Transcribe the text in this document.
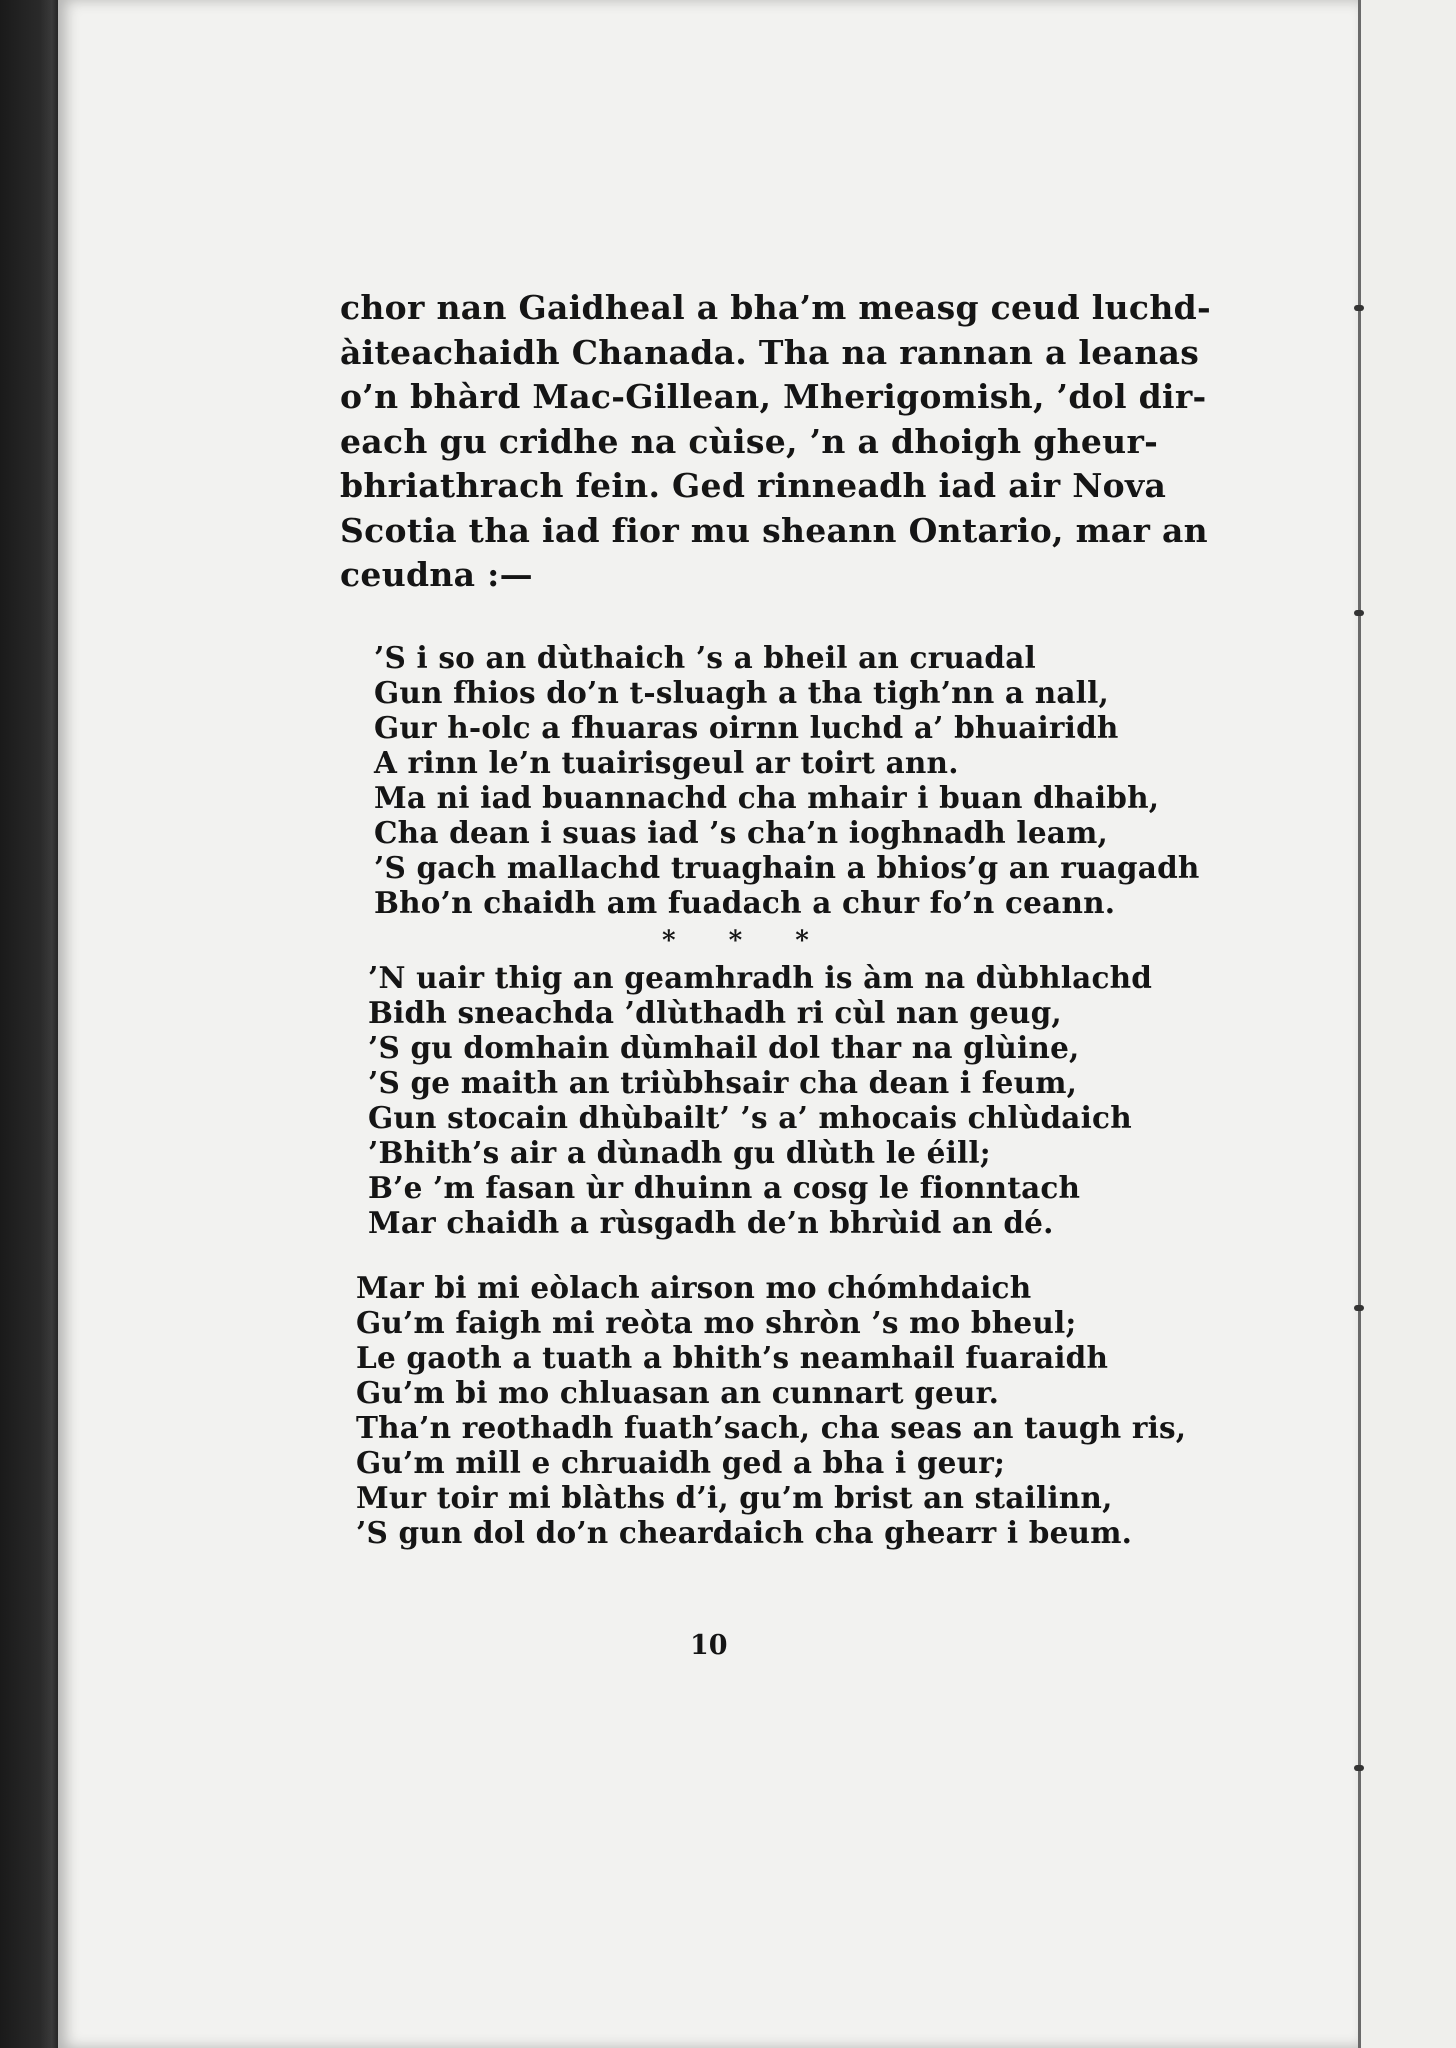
chor nan Gaidheal a bha’m measg ceud luchd-
àiteachaidh Chanada. Tha na rannan a leanas
o’n bhàrd Mac-Gillean, Mherigomish, ’dol dir-
each gu cridhe na cùise, ’n a dhoigh gheur-
bhriathrach fein. Ged rinneadh iad air Nova
Scotia tha iad fior mu sheann Ontario, mar an
ceudna :—

’S i so an dùthaich ’s a bheil an cruadal
Gun fhios do’n t-sluagh a tha tigh’nn a nall,
Gur h-olc a fhuaras oirnn luchd a’ bhuairidh
A rinn le’n tuairisgeul ar toirt ann.
Ma ni iad buannachd cha mhair i buan dhaibh,
Cha dean i suas iad ’s cha’n ioghnadh leam,
’S gach mallachd truaghain a bhios’g an ruagadh
Bho’n chaidh am fuadach a chur fo’n ceann.
* * *
’N uair thig an geamhradh is àm na dùbhlachd
Bidh sneachda ’dlùthadh ri cùl nan geug,
’S gu domhain dùmhail dol thar na glùine,
’S ge maith an triùbhsair cha dean i feum,
Gun stocain dhùbailt’ ’s a’ mhocais chlùdaich
’Bhith’s air a dùnadh gu dlùth le éill;
B’e ’m fasan ùr dhuinn a cosg le fionntach
Mar chaidh a rùsgadh de’n bhrùid an dé.
Mar bi mi eòlach airson mo chómhdaich
Gu’m faigh mi reòta mo shròn ’s mo bheul;
Le gaoth a tuath a bhith’s neamhail fuaraidh
Gu’m bi mo chluasan an cunnart geur.
Tha’n reothadh fuath’sach, cha seas an taugh ris,
Gu’m mill e chruaidh ged a bha i geur;
Mur toir mi blàths d’i, gu’m brist an stailinn,
’S gun dol do’n cheardaich cha ghearr i beum.
10
